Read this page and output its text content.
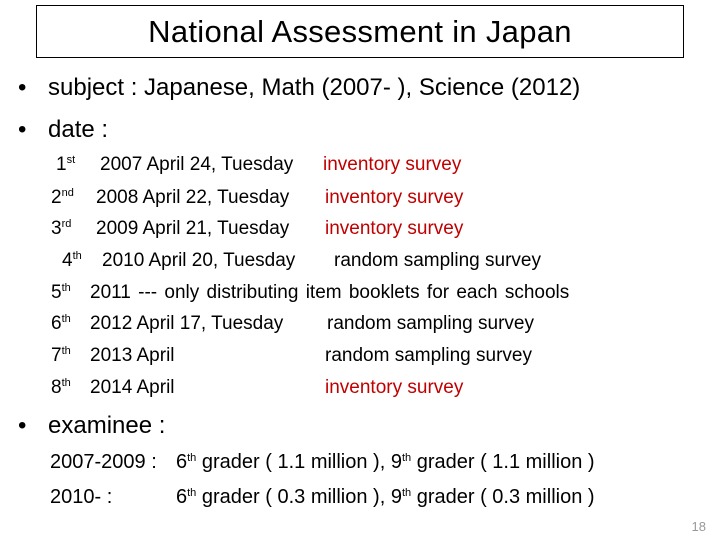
National Assessment in Japan
• subject : Japanese, Math (2007- ), Science (2012)
• date :
1st 2007 April 24, Tuesday inventory survey
2nd 2008 April 22, Tuesday inventory survey
3rd 2009 April 21, Tuesday inventory survey
4th 2010 April 20, Tuesday random sampling survey
5th 2011 --- only distributing item booklets for each schools
6th 2012 April 17, Tuesday random sampling survey
7th 2013 April	random sampling survey
8th 2014 April	inventory survey
• examinee :
2007-2009 : 6th grader ( 1.1 million ), 9th grader ( 1.1 million )
2010- :	6th grader ( 0.3 million ), 9th grader ( 0.3 million )
18
